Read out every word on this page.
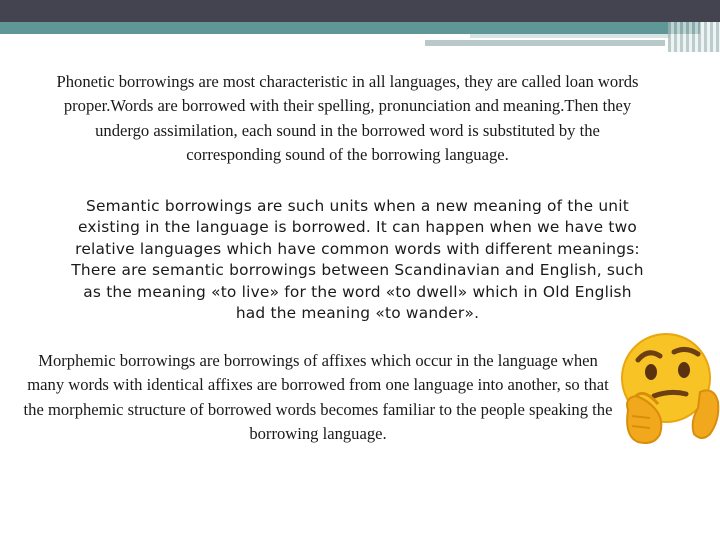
Phonetic borrowings are most characteristic in all languages, they are called loan words proper.Words are borrowed with their spelling, pronunciation and meaning.Then they undergo assimilation, each sound in the borrowed word is substituted by the corresponding sound of the borrowing language.

Semantic borrowings are such units when a new meaning of the unit existing in the language is borrowed. It can happen when we have two relative languages which have common words with different meanings: There are semantic borrowings between Scandinavian and English, such as the meaning «to live» for the word «to dwell» which in Old English had the meaning «to wander».

Morphemic borrowings are borrowings of affixes which occur in the language when many words with identical affixes are borrowed from one language into another, so that the morphemic structure of borrowed words becomes familiar to the people speaking the borrowing language.
